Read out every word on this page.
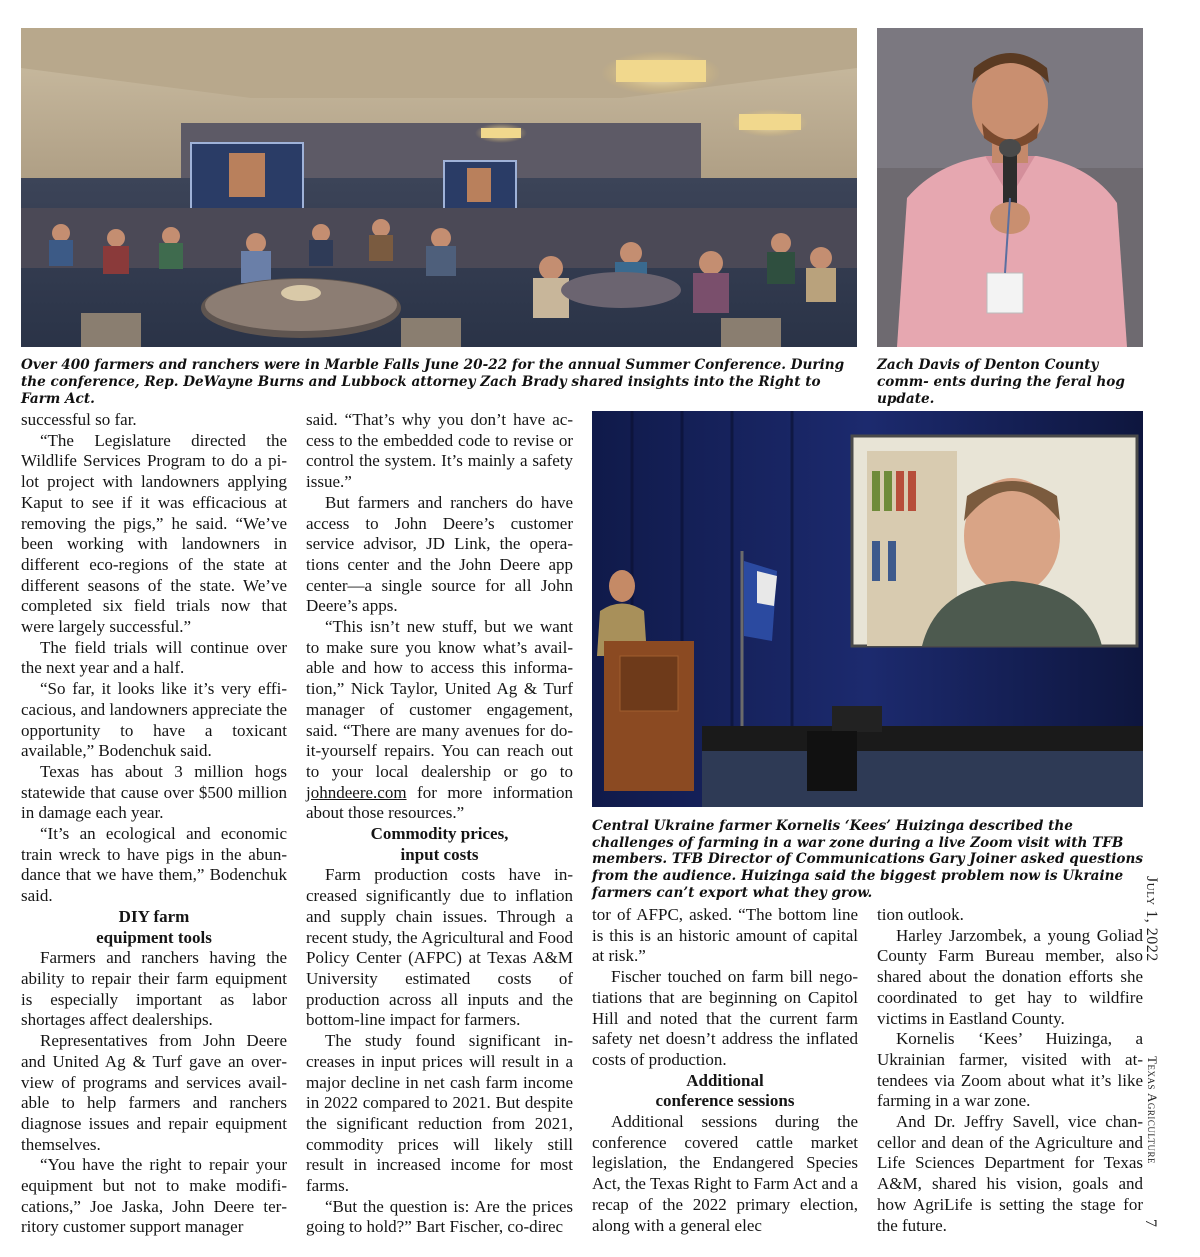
Over 400 farmers and ranchers were in Marble Falls June 20-22 for the annual Summer Conference. During the conference, Rep. DeWayne Burns and Lubbock attorney Zach Brady shared insights into the Right to Farm Act.
Zach Davis of Denton County comm- ents during the feral hog update.

successful so far.

“The Legislature directed the Wildlife Services Program to do a pilot project with landowners applying Kaput to see if it was efficacious at removing the pigs,” he said. “We’ve been working with landowners in different eco-regions of the state at different seasons of the state. We’ve completed six field trials now that were largely successful.”

The field trials will continue over the next year and a half.

“So far, it looks like it’s very efficacious, and landowners appreciate the opportunity to have a toxicant available,” Bodenchuk said.

Texas has about 3 million hogs statewide that cause over $500 million in damage each year.

“It’s an ecological and economic train wreck to have pigs in the abundance that we have them,” Bodenchuk said.

DIY farm
equipment tools

Farmers and ranchers having the ability to repair their farm equipment is especially important as labor shortages affect dealerships.

Representatives from John Deere and United Ag & Turf gave an overview of programs and services available to help farmers and ranchers diagnose issues and repair equipment themselves.

“You have the right to repair your equipment but not to make modifications,” Joe Jaska, John Deere territory customer support manager

said. “That’s why you don’t have access to the embedded code to revise or control the system. It’s mainly a safety issue.”

But farmers and ranchers do have access to John Deere’s customer service advisor, JD Link, the operations center and the John Deere app center—a single source for all John Deere’s apps.

“This isn’t new stuff, but we want to make sure you know what’s available and how to access this information,” Nick Taylor, United Ag & Turf manager of customer engagement, said. “There are many avenues for do-it-yourself repairs. You can reach out to your local dealership or go to johndeere.com for more information about those resources.”

Commodity prices,
input costs

Farm production costs have increased significantly due to inflation and supply chain issues. Through a recent study, the Agricultural and Food Policy Center (AFPC) at Texas A&M University estimated costs of production across all inputs and the bottom-line impact for farmers.

The study found significant increases in input prices will result in a major decline in net cash farm income in 2022 compared to 2021. But despite the significant reduction from 2021, commodity prices will likely still result in increased income for most farms.

“But the question is: Are the prices going to hold?” Bart Fischer, co-direc

Central Ukraine farmer Kornelis ‘Kees’ Huizinga described the challenges of farming in a war zone during a live Zoom visit with TFB members. TFB Director of Communications Gary Joiner asked questions from the audience. Huizinga said the biggest problem now is Ukraine farmers can’t export what they grow.

tor of AFPC, asked. “The bottom line is this is an historic amount of capital at risk.”

Fischer touched on farm bill negotiations that are beginning on Capitol Hill and noted that the current farm safety net doesn’t address the inflated costs of production.

Additional
conference sessions

Additional sessions during the conference covered cattle market legislation, the Endangered Species Act, the Texas Right to Farm Act and a recap of the 2022 primary election, along with a general elec

tion outlook.

Harley Jarzombek, a young Goliad County Farm Bureau member, also shared about the donation efforts she coordinated to get hay to wildfire victims in Eastland County.

Kornelis ‘Kees’ Huizinga, a Ukrainian farmer, visited with attendees via Zoom about what it’s like farming in a war zone.

And Dr. Jeffry Savell, vice chancellor and dean of the Agriculture and Life Sciences Department for Texas A&M, shared his vision, goals and how AgriLife is setting the stage for the future.

July 1, 2022
Texas Agriculture
7
